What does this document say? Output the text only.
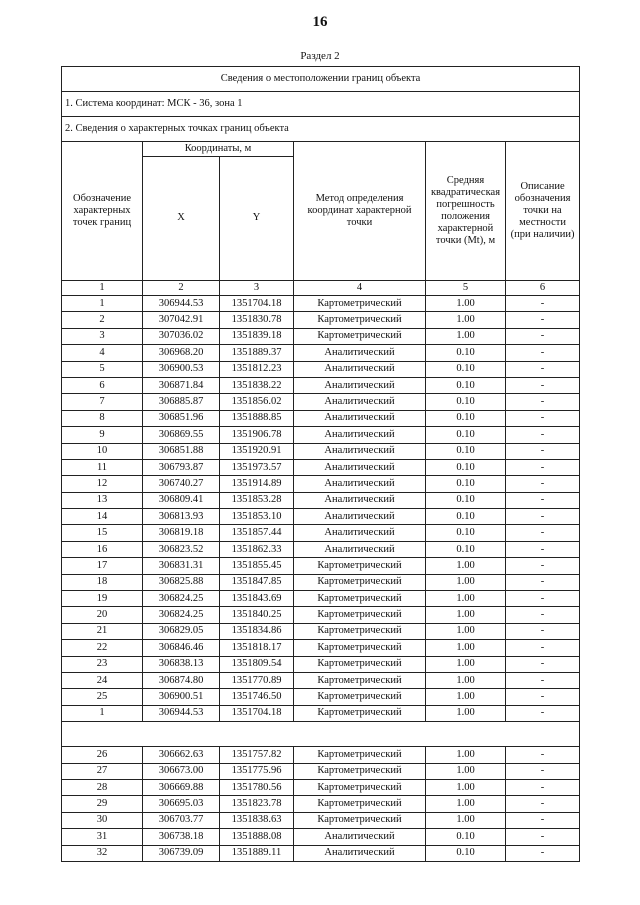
16
Раздел 2
Сведения о местоположении границ объекта					
1. Система координат: МСК - 36, зона 1					
2. Сведения о характерных точках границ объекта					
Обозначение характерных точек границ	Координаты, м		Метод определения координат характерной точки	Средняя квадратическая погрешность положения характерной точки (Mt), м	Описание обозначения точки на местности (при наличии)
	X	Y			
1	2	3	4	5	6
1	306944.53	1351704.18	Картометрический	1.00	-
2	307042.91	1351830.78	Картометрический	1.00	-
3	307036.02	1351839.18	Картометрический	1.00	-
4	306968.20	1351889.37	Аналитический	0.10	-
5	306900.53	1351812.23	Аналитический	0.10	-
6	306871.84	1351838.22	Аналитический	0.10	-
7	306885.87	1351856.02	Аналитический	0.10	-
8	306851.96	1351888.85	Аналитический	0.10	-
9	306869.55	1351906.78	Аналитический	0.10	-
10	306851.88	1351920.91	Аналитический	0.10	-
11	306793.87	1351973.57	Аналитический	0.10	-
12	306740.27	1351914.89	Аналитический	0.10	-
13	306809.41	1351853.28	Аналитический	0.10	-
14	306813.93	1351853.10	Аналитический	0.10	-
15	306819.18	1351857.44	Аналитический	0.10	-
16	306823.52	1351862.33	Аналитический	0.10	-
17	306831.31	1351855.45	Картометрический	1.00	-
18	306825.88	1351847.85	Картометрический	1.00	-
19	306824.25	1351843.69	Картометрический	1.00	-
20	306824.25	1351840.25	Картометрический	1.00	-
21	306829.05	1351834.86	Картометрический	1.00	-
22	306846.46	1351818.17	Картометрический	1.00	-
23	306838.13	1351809.54	Картометрический	1.00	-
24	306874.80	1351770.89	Картометрический	1.00	-
25	306900.51	1351746.50	Картометрический	1.00	-
1	306944.53	1351704.18	Картометрический	1.00	-

26	306662.63	1351757.82	Картометрический	1.00	-
27	306673.00	1351775.96	Картометрический	1.00	-
28	306669.88	1351780.56	Картометрический	1.00	-
29	306695.03	1351823.78	Картометрический	1.00	-
30	306703.77	1351838.63	Картометрический	1.00	-
31	306738.18	1351888.08	Аналитический	0.10	-
32	306739.09	1351889.11	Аналитический	0.10	-
